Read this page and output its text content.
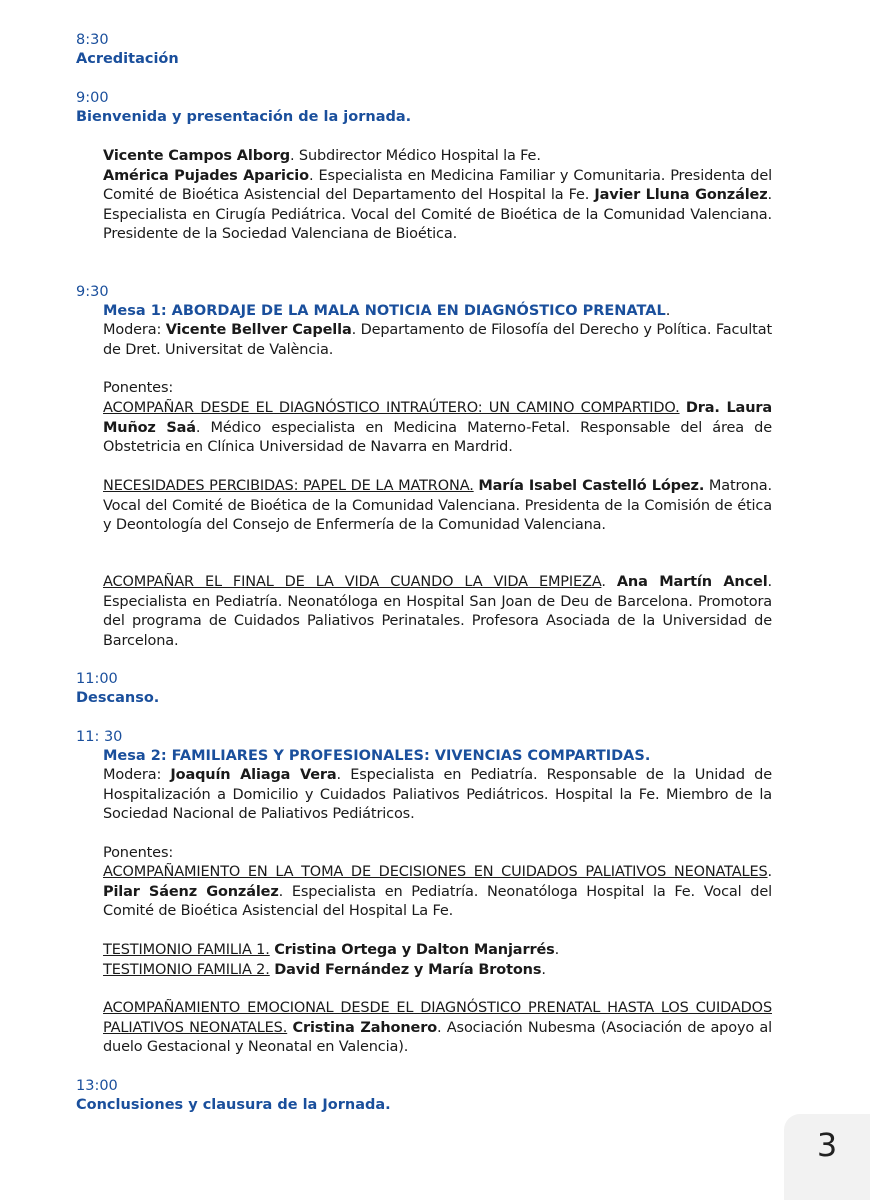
8:30
Acreditación
9:00
Bienvenida y presentación de la jornada.
Vicente Campos Alborg. Subdirector Médico Hospital la Fe.
América Pujades Aparicio. Especialista en Medicina Familiar y Comunitaria. Presidenta del Comité de Bioética Asistencial del Departamento del Hospital la Fe. Javier Lluna González. Especialista en Cirugía Pediátrica. Vocal del Comité de Bioética de la Comunidad Valenciana. Presidente de la Sociedad Valenciana de Bioética.
9:30
Mesa 1: ABORDAJE DE LA MALA NOTICIA EN DIAGNÓSTICO PRENATAL.
Modera: Vicente Bellver Capella. Departamento de Filosofía del Derecho y Política. Facultat de Dret. Universitat de València.
Ponentes:
ACOMPAÑAR DESDE EL DIAGNÓSTICO INTRAÚTERO: UN CAMINO COMPARTIDO. Dra. Laura Muñoz Saá. Médico especialista en Medicina Materno-Fetal. Responsable del área de Obstetricia en Clínica Universidad de Navarra en Mardrid.
NECESIDADES PERCIBIDAS: PAPEL DE LA MATRONA. María Isabel Castelló López. Matrona. Vocal del Comité de Bioética de la Comunidad Valenciana. Presidenta de la Comisión de ética y Deontología del Consejo de Enfermería de la Comunidad Valenciana.
ACOMPAÑAR EL FINAL DE LA VIDA CUANDO LA VIDA EMPIEZA. Ana Martín Ancel. Especialista en Pediatría. Neonatóloga en Hospital San Joan de Deu de Barcelona. Promotora del programa de Cuidados Paliativos Perinatales. Profesora Asociada de la Universidad de Barcelona.
11:00
Descanso.
11: 30
Mesa 2: FAMILIARES Y PROFESIONALES: VIVENCIAS COMPARTIDAS.
Modera: Joaquín Aliaga Vera. Especialista en Pediatría. Responsable de la Unidad de Hospitalización a Domicilio y Cuidados Paliativos Pediátricos. Hospital la Fe. Miembro de la Sociedad Nacional de Paliativos Pediátricos.
Ponentes:
ACOMPAÑAMIENTO EN LA TOMA DE DECISIONES EN CUIDADOS PALIATIVOS NEONATALES. Pilar Sáenz González. Especialista en Pediatría. Neonatóloga Hospital la Fe. Vocal del Comité de Bioética Asistencial del Hospital La Fe.
TESTIMONIO FAMILIA 1. Cristina Ortega y Dalton Manjarrés.
TESTIMONIO FAMILIA 2. David Fernández y María Brotons.
ACOMPAÑAMIENTO EMOCIONAL DESDE EL DIAGNÓSTICO PRENATAL HASTA LOS CUIDADOS PALIATIVOS NEONATALES. Cristina Zahonero. Asociación Nubesma (Asociación de apoyo al duelo Gestacional y Neonatal en Valencia).
13:00
Conclusiones y clausura de la Jornada.
3
